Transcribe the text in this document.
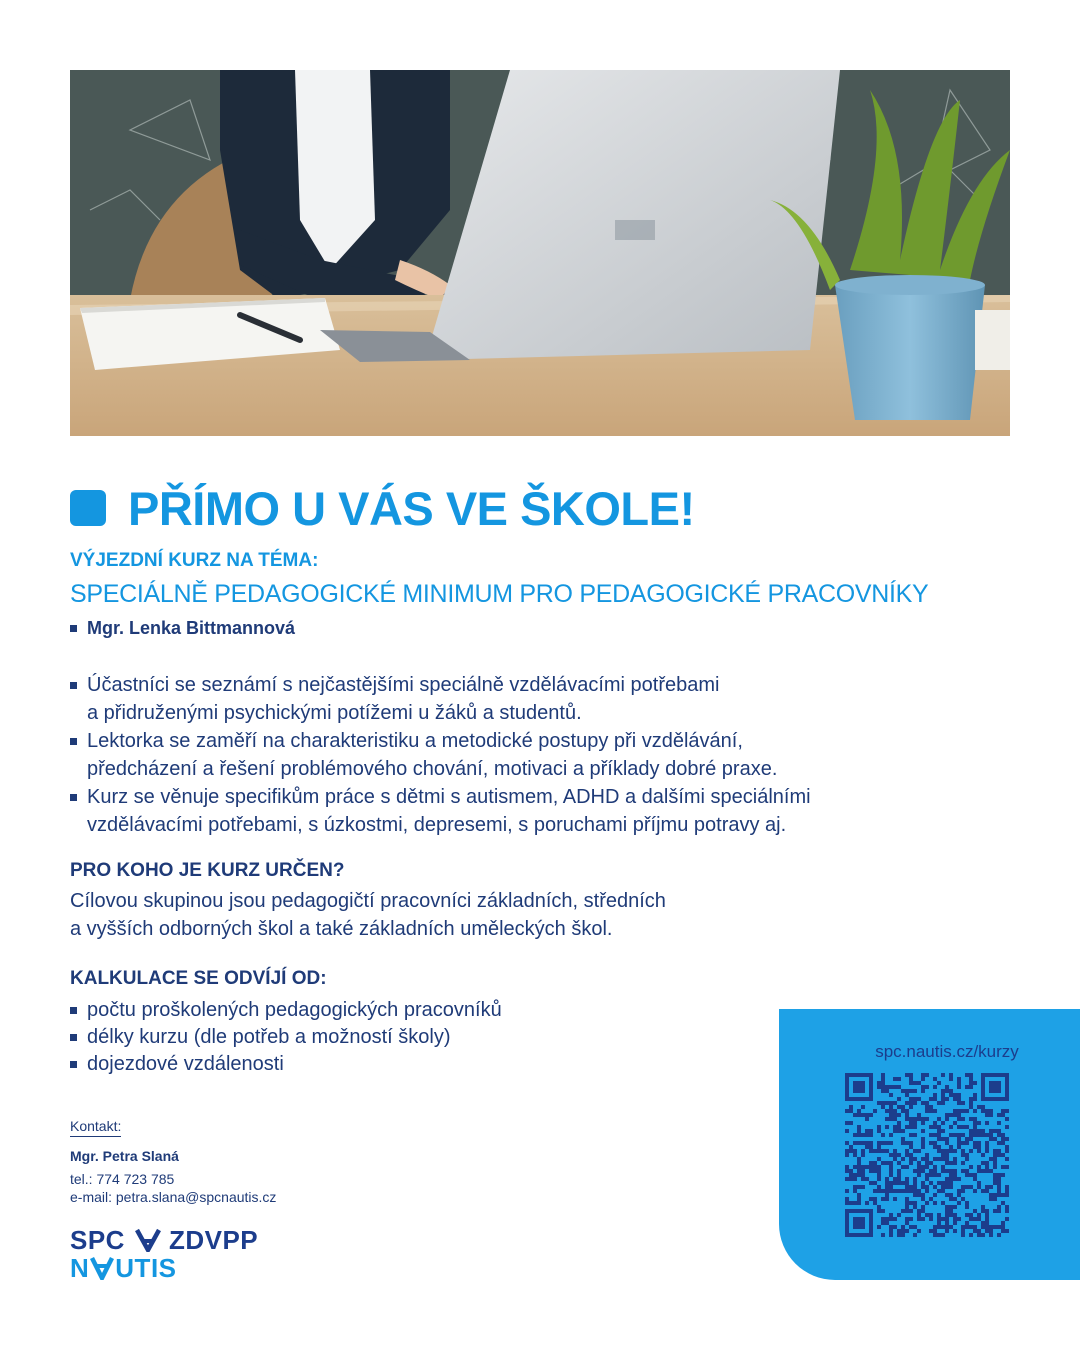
PŘÍMO U VÁS VE ŠKOLE!
VÝJEZDNÍ KURZ NA TÉMA:
SPECIÁLNĚ PEDAGOGICKÉ MINIMUM PRO PEDAGOGICKÉ PRACOVNÍKY
Mgr. Lenka Bittmannová
Účastníci se seznámí s nejčastějšími speciálně vzdělávacími potřebami
a přidruženými psychickými potížemi u žáků a studentů.
Lektorka se zaměří na charakteristiku a metodické postupy při vzdělávání,
předcházení a řešení problémového chování, motivaci a příklady dobré praxe.
Kurz se věnuje specifikům práce s dětmi s autismem, ADHD a dalšími speciálními
vzdělávacími potřebami, s úzkostmi, depresemi, s poruchami příjmu potravy aj.
PRO KOHO JE KURZ URČEN?
Cílovou skupinou jsou pedagogičtí pracovníci základních, středních
a vyšších odborných škol a také základních uměleckých škol.
KALKULACE SE ODVÍJÍ OD:
počtu proškolených pedagogických pracovníků
délky kurzu (dle potřeb a možností školy)
dojezdové vzdálenosti
Kontakt:
Mgr. Petra Slaná
tel.: 774 723 785
e-mail: petra.slana@spcnautis.cz
SPC ZDVPP
N UTIS
spc.nautis.cz/kurzy
